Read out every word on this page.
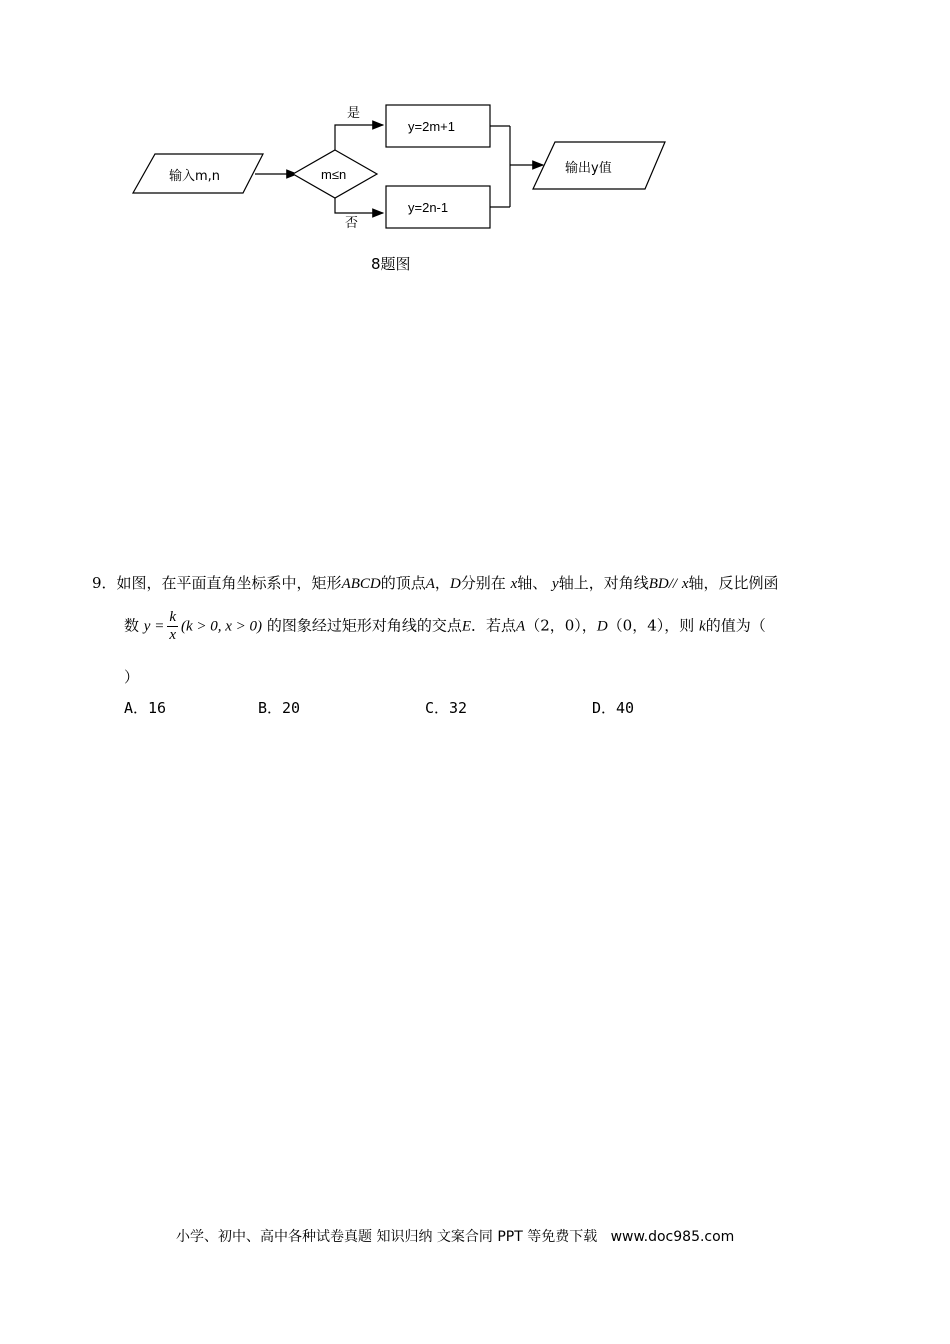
输入m,n	m≤n
是
y=2m+1
否
y=2n-1
输出y值
8题图
9．如图，在平面直角坐标系中，矩形ABCD的顶点A，D分别在 x轴、 y轴上，对角线BD// x轴，反比例函
数 $y = \frac{k}{x} (k > 0$, x > 0) 的图象经过矩形对角线的交点E．若点A（2，0），D（0，4），则 k的值为（
）
A．16	B．20	C．32	D．40
小学、初中、高中各种试卷真题 知识归纳 文案合同 PPT 等免费下载   www.doc985.com
